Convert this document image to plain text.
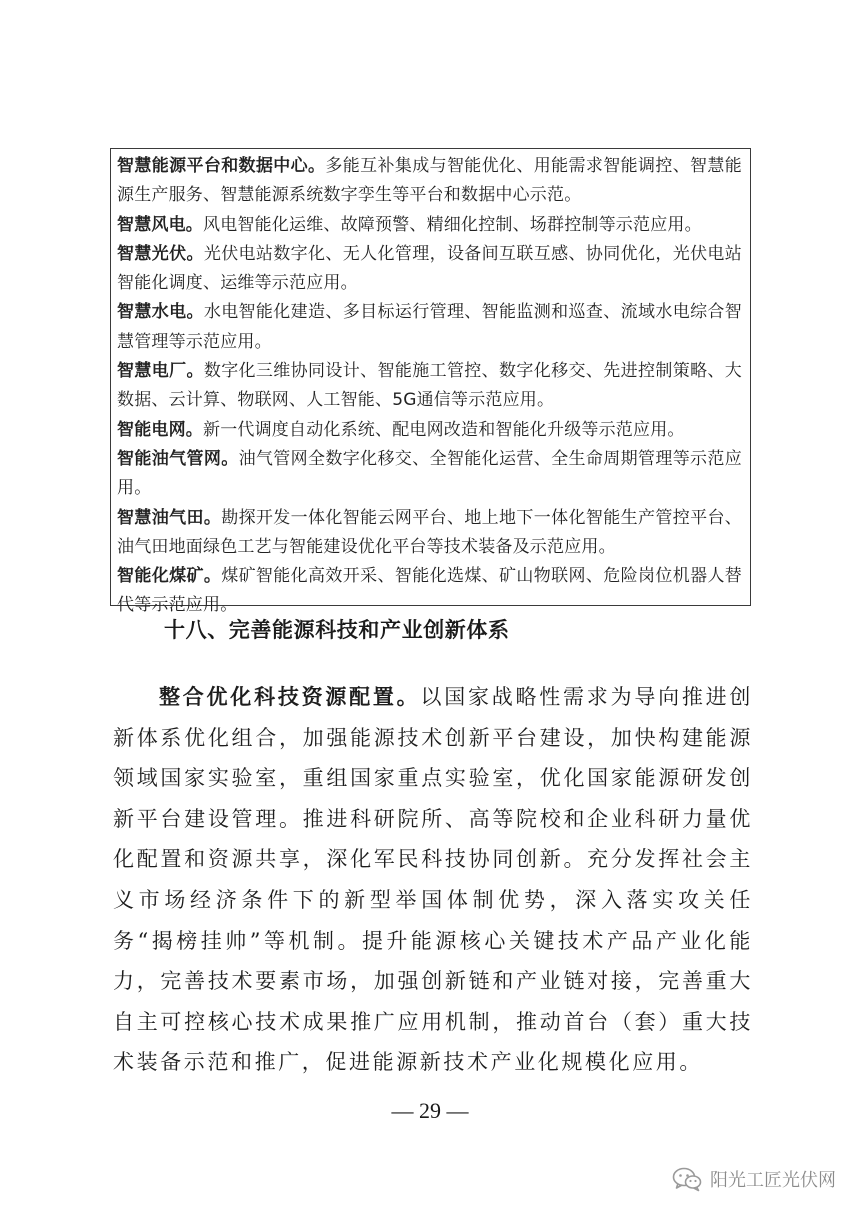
智慧能源平台和数据中心。多能互补集成与智能优化、用能需求智能调控、智慧能源生产服务、智慧能源系统数字孪生等平台和数据中心示范。

智慧风电。风电智能化运维、故障预警、精细化控制、场群控制等示范应用。

智慧光伏。光伏电站数字化、无人化管理，设备间互联互感、协同优化，光伏电站智能化调度、运维等示范应用。

智慧水电。水电智能化建造、多目标运行管理、智能监测和巡查、流域水电综合智慧管理等示范应用。

智慧电厂。数字化三维协同设计、智能施工管控、数字化移交、先进控制策略、大数据、云计算、物联网、人工智能、5G通信等示范应用。

智能电网。新一代调度自动化系统、配电网改造和智能化升级等示范应用。

智能油气管网。油气管网全数字化移交、全智能化运营、全生命周期管理等示范应用。

智慧油气田。勘探开发一体化智能云网平台、地上地下一体化智能生产管控平台、油气田地面绿色工艺与智能建设优化平台等技术装备及示范应用。

智能化煤矿。煤矿智能化高效开采、智能化选煤、矿山物联网、危险岗位机器人替代等示范应用。

十八、完善能源科技和产业创新体系

整合优化科技资源配置。以国家战略性需求为导向推进创新体系优化组合，加强能源技术创新平台建设，加快构建能源领域国家实验室，重组国家重点实验室，优化国家能源研发创新平台建设管理。推进科研院所、高等院校和企业科研力量优化配置和资源共享，深化军民科技协同创新。充分发挥社会主义市场经济条件下的新型举国体制优势，深入落实攻关任务“揭榜挂帅”等机制。提升能源核心关键技术产品产业化能力，完善技术要素市场，加强创新链和产业链对接，完善重大自主可控核心技术成果推广应用机制，推动首台（套）重大技术装备示范和推广，促进能源新技术产业化规模化应用。

— 29 —
阳光工匠光伏网
